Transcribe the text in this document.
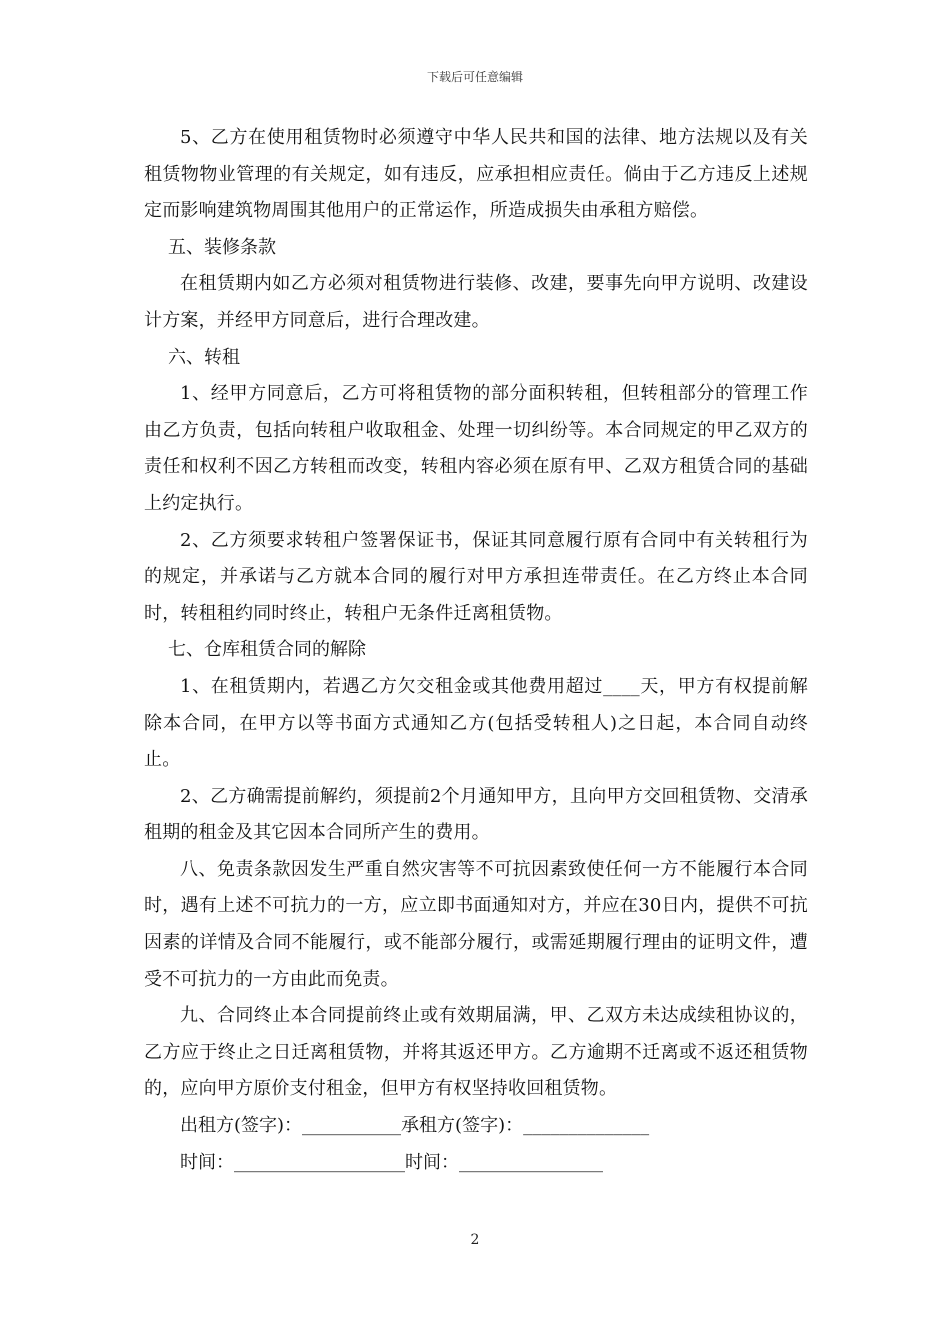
下载后可任意编辑

5、乙方在使用租赁物时必须遵守中华人民共和国的法律、地方法规以及有关租赁物物业管理的有关规定，如有违反，应承担相应责任。倘由于乙方违反上述规定而影响建筑物周围其他用户的正常运作，所造成损失由承租方赔偿。

五、装修条款

在租赁期内如乙方必须对租赁物进行装修、改建，要事先向甲方说明、改建设计方案，并经甲方同意后，进行合理改建。

六、转租

1、经甲方同意后，乙方可将租赁物的部分面积转租，但转租部分的管理工作由乙方负责，包括向转租户收取租金、处理一切纠纷等。本合同规定的甲乙双方的责任和权利不因乙方转租而改变，转租内容必须在原有甲、乙双方租赁合同的基础上约定执行。

2、乙方须要求转租户签署保证书，保证其同意履行原有合同中有关转租行为的规定，并承诺与乙方就本合同的履行对甲方承担连带责任。在乙方终止本合同时，转租租约同时终止，转租户无条件迁离租赁物。

七、仓库租赁合同的解除

1、在租赁期内，若遇乙方欠交租金或其他费用超过____天，甲方有权提前解除本合同，在甲方以等书面方式通知乙方(包括受转租人)之日起，本合同自动终止。

2、乙方确需提前解约，须提前2个月通知甲方，且向甲方交回租赁物、交清承租期的租金及其它因本合同所产生的费用。

八、免责条款因发生严重自然灾害等不可抗因素致使任何一方不能履行本合同时，遇有上述不可抗力的一方，应立即书面通知对方，并应在30日内，提供不可抗因素的详情及合同不能履行，或不能部分履行，或需延期履行理由的证明文件，遭受不可抗力的一方由此而免责。

九、合同终止本合同提前终止或有效期届满，甲、乙双方未达成续租协议的，乙方应于终止之日迁离租赁物，并将其返还甲方。乙方逾期不迁离或不返还租赁物的，应向甲方原价支付租金，但甲方有权坚持收回租赁物。

出租方(签字)：___________承租方(签字)：______________

时间：___________________时间：________________

2
